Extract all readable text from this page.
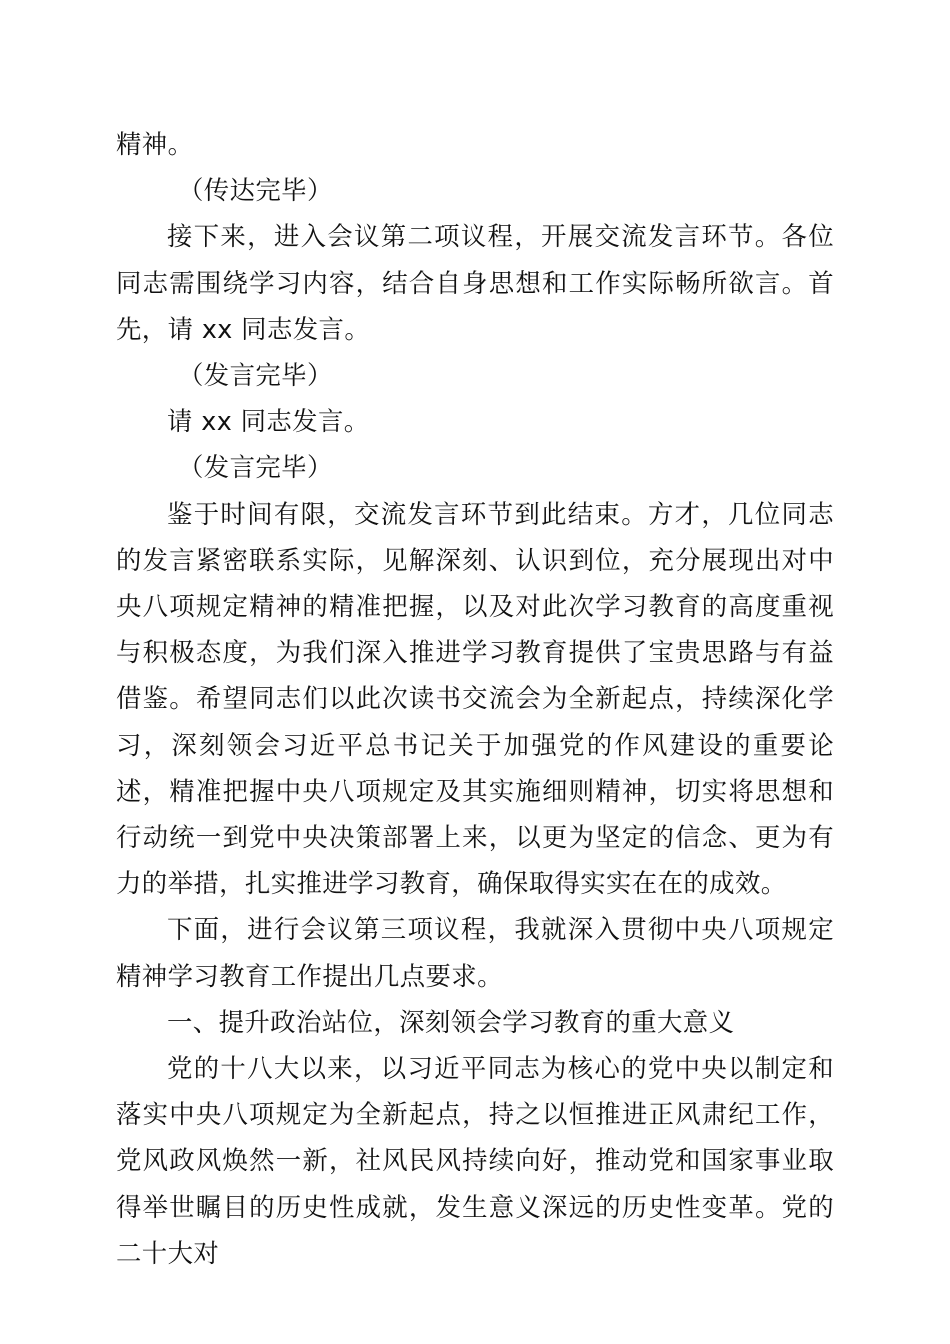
精神。

（传达完毕）

接下来，进入会议第二项议程，开展交流发言环节。各位同志需围绕学习内容，结合自身思想和工作实际畅所欲言。首先，请 xx 同志发言。

（发言完毕）

请 xx 同志发言。

（发言完毕）

鉴于时间有限，交流发言环节到此结束。方才，几位同志的发言紧密联系实际，见解深刻、认识到位，充分展现出对中央八项规定精神的精准把握，以及对此次学习教育的高度重视与积极态度，为我们深入推进学习教育提供了宝贵思路与有益借鉴。希望同志们以此次读书交流会为全新起点，持续深化学习，深刻领会习近平总书记关于加强党的作风建设的重要论述，精准把握中央八项规定及其实施细则精神，切实将思想和行动统一到党中央决策部署上来，以更为坚定的信念、更为有力的举措，扎实推进学习教育，确保取得实实在在的成效。

下面，进行会议第三项议程，我就深入贯彻中央八项规定精神学习教育工作提出几点要求。

一、提升政治站位，深刻领会学习教育的重大意义

党的十八大以来，以习近平同志为核心的党中央以制定和落实中央八项规定为全新起点，持之以恒推进正风肃纪工作，党风政风焕然一新，社风民风持续向好，推动党和国家事业取得举世瞩目的历史性成就，发生意义深远的历史性变革。党的二十大对
